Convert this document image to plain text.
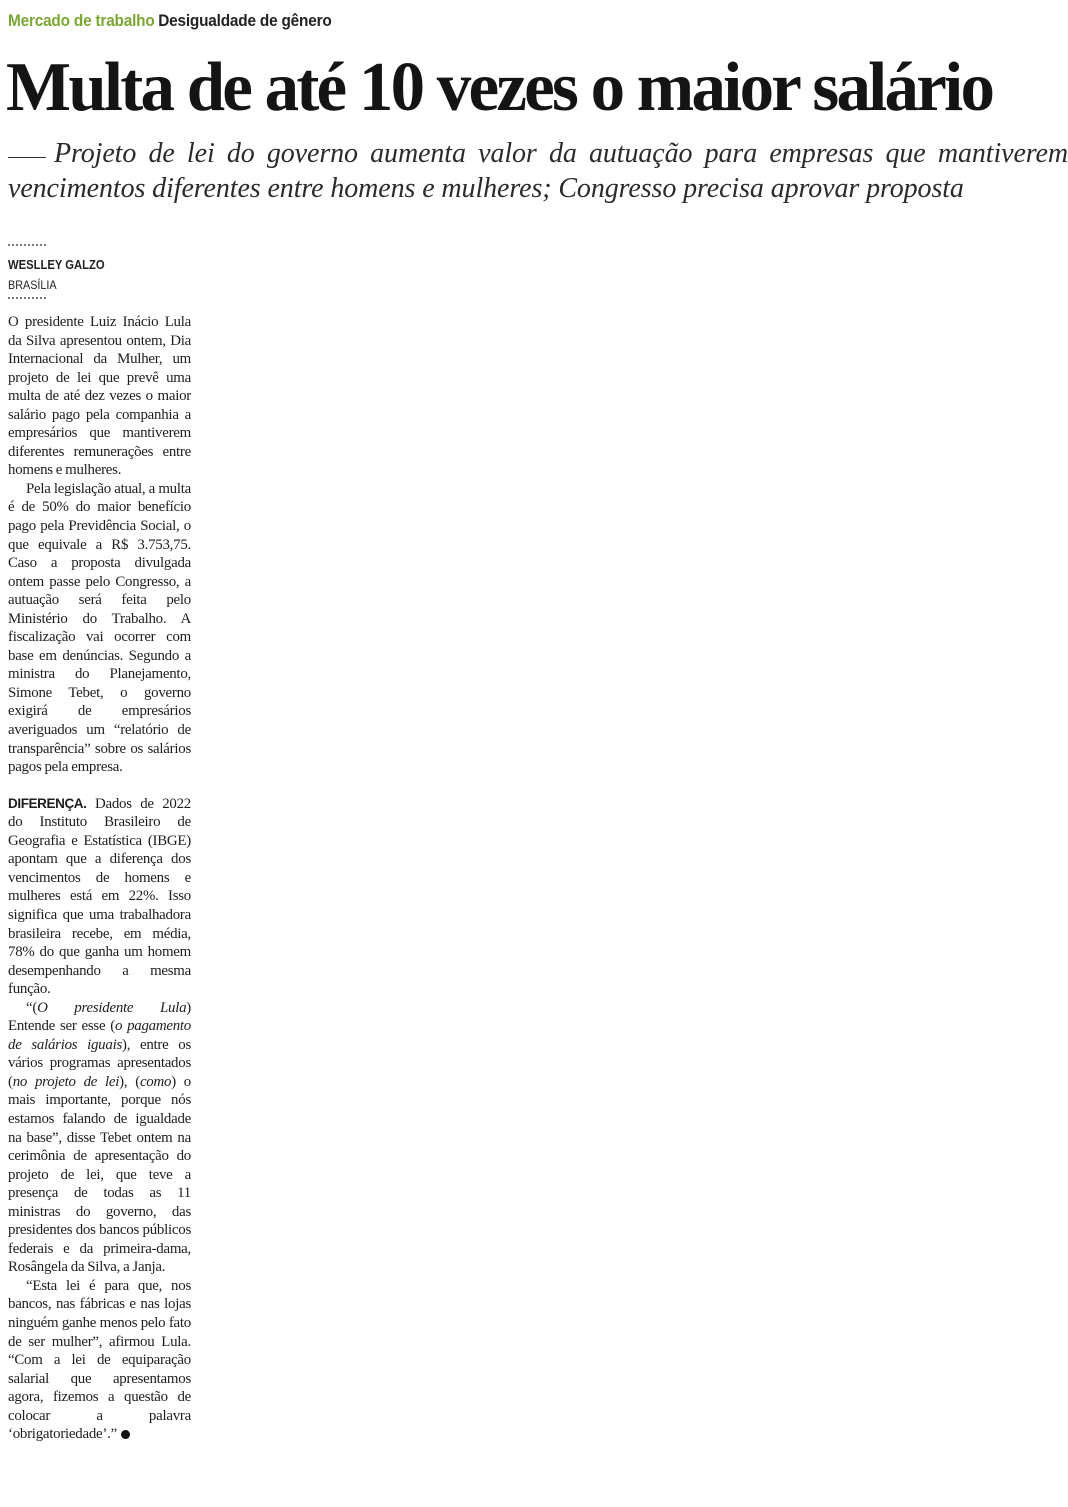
Mercado de trabalho Desigualdade de gênero
Multa de até 10 vezes o maior salário

Projeto de lei do governo aumenta valor da autuação para empresas que mantiverem vencimentos diferentes entre homens e mulheres; Congresso precisa aprovar proposta

WESLLEY GALZO
BRASÍLIA

O presidente Luiz Inácio Lula da Silva apresentou ontem, Dia Internacional da Mulher, um projeto de lei que prevê uma multa de até dez vezes o maior salário pago pela companhia a empresários que mantiverem diferentes remunerações entre homens e mulheres.

Pela legislação atual, a multa é de 50% do maior benefício pago pela Previdência Social, o que equivale a R$ 3.753,75. Caso a proposta divulgada ontem passe pelo Congresso, a autuação será feita pelo Ministério do Trabalho. A fiscalização vai ocorrer com base em denúncias. Segundo a ministra do Planejamento, Simone Tebet, o governo exigirá de empresários averiguados um “relatório de transparência” sobre os salários pagos pela empresa.

DIFERENÇA. Dados de 2022 do Instituto Brasileiro de Geografia e Estatística (IBGE) apontam que a diferença dos vencimentos de homens e mulheres está em 22%. Isso significa que uma trabalhadora brasileira recebe, em média, 78% do que ganha um homem desempenhando a mesma função.

“(O presidente Lula) Entende ser esse (o pagamento de salários iguais), entre os vários programas apresentados (no projeto de lei), (como) o mais importante, porque nós estamos falando de igualdade na base”, disse Tebet ontem na cerimônia de apresentação do projeto de lei, que teve a presença de todas as 11 ministras do governo, das presidentes dos bancos públicos federais e da primeira-dama, Rosângela da Silva, a Janja.

“Esta lei é para que, nos bancos, nas fábricas e nas lojas ninguém ganhe menos pelo fato de ser mulher”, afirmou Lula. “Com a lei de equiparação salarial que apresentamos agora, fizemos a questão de colocar a palavra ‘obrigatoriedade’.”
